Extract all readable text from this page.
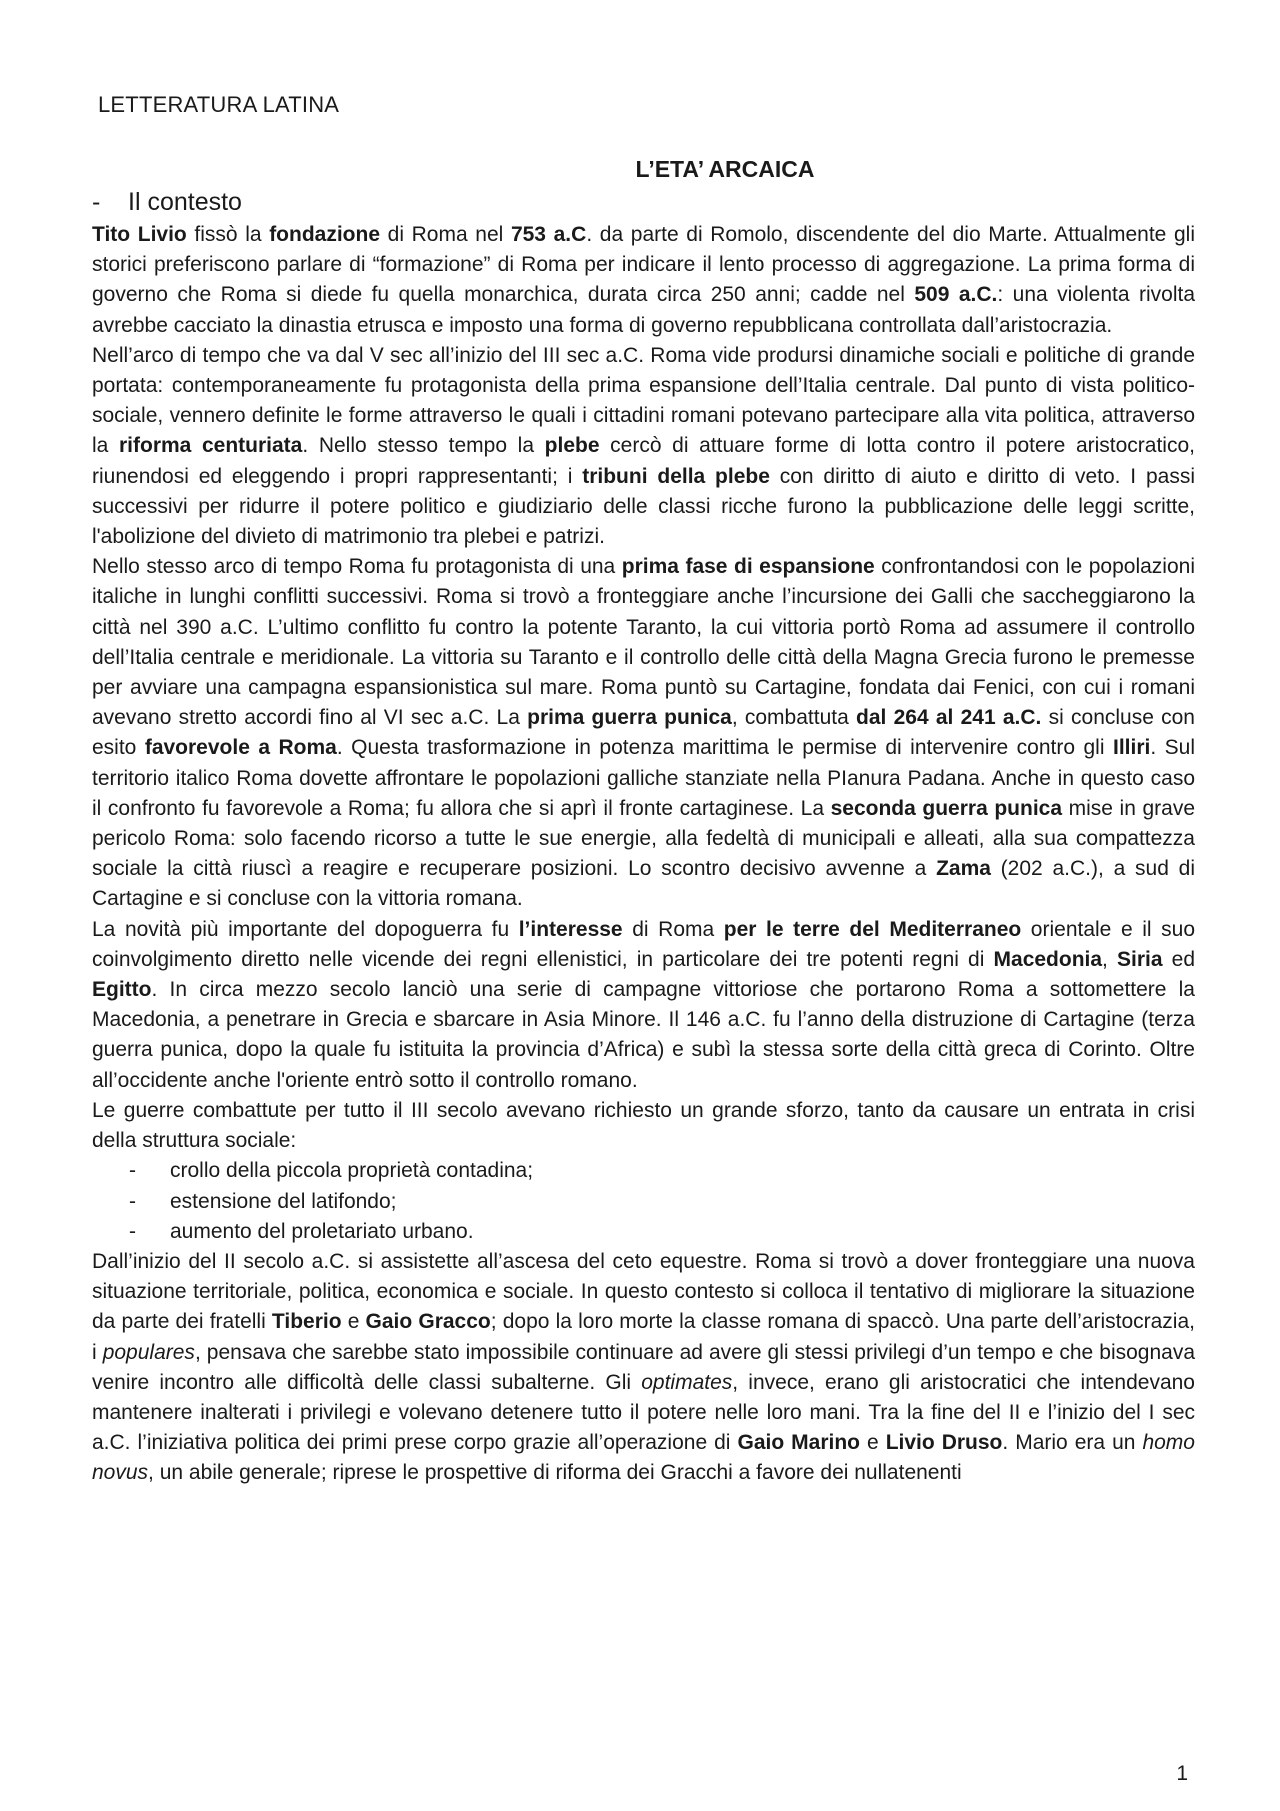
LETTERATURA LATINA
L’ETA’ ARCAICA
- Il contesto

Tito Livio fissò la fondazione di Roma nel 753 a.C. da parte di Romolo, discendente del dio Marte. Attualmente gli storici preferiscono parlare di “formazione” di Roma per indicare il lento processo di aggregazione. La prima forma di governo che Roma si diede fu quella monarchica, durata circa 250 anni; cadde nel 509 a.C.: una violenta rivolta avrebbe cacciato la dinastia etrusca e imposto una forma di governo repubblicana controllata dall’aristocrazia.

Nell’arco di tempo che va dal V sec all’inizio del III sec a.C. Roma vide prodursi dinamiche sociali e politiche di grande portata: contemporaneamente fu protagonista della prima espansione dell’Italia centrale. Dal punto di vista politico-sociale, vennero definite le forme attraverso le quali i cittadini romani potevano partecipare alla vita politica, attraverso la riforma centuriata. Nello stesso tempo la plebe cercò di attuare forme di lotta contro il potere aristocratico, riunendosi ed eleggendo i propri rappresentanti; i tribuni della plebe con diritto di aiuto e diritto di veto. I passi successivi per ridurre il potere politico e giudiziario delle classi ricche furono la pubblicazione delle leggi scritte, l'abolizione del divieto di matrimonio tra plebei e patrizi.

Nello stesso arco di tempo Roma fu protagonista di una prima fase di espansione confrontandosi con le popolazioni italiche in lunghi conflitti successivi. Roma si trovò a fronteggiare anche l’incursione dei Galli che saccheggiarono la città nel 390 a.C. L’ultimo conflitto fu contro la potente Taranto, la cui vittoria portò Roma ad assumere il controllo dell’Italia centrale e meridionale. La vittoria su Taranto e il controllo delle città della Magna Grecia furono le premesse per avviare una campagna espansionistica sul mare. Roma puntò su Cartagine, fondata dai Fenici, con cui i romani avevano stretto accordi fino al VI sec a.C. La prima guerra punica, combattuta dal 264 al 241 a.C. si concluse con esito favorevole a Roma. Questa trasformazione in potenza marittima le permise di intervenire contro gli Illiri. Sul territorio italico Roma dovette affrontare le popolazioni galliche stanziate nella PIanura Padana. Anche in questo caso il confronto fu favorevole a Roma; fu allora che si aprì il fronte cartaginese. La seconda guerra punica mise in grave pericolo Roma: solo facendo ricorso a tutte le sue energie, alla fedeltà di municipali e alleati, alla sua compattezza sociale la città riuscì a reagire e recuperare posizioni. Lo scontro decisivo avvenne a Zama (202 a.C.), a sud di Cartagine e si concluse con la vittoria romana.

La novità più importante del dopoguerra fu l’interesse di Roma per le terre del Mediterraneo orientale e il suo coinvolgimento diretto nelle vicende dei regni ellenistici, in particolare dei tre potenti regni di Macedonia, Siria ed Egitto. In circa mezzo secolo lanciò una serie di campagne vittoriose che portarono Roma a sottomettere la Macedonia, a penetrare in Grecia e sbarcare in Asia Minore. Il 146 a.C. fu l’anno della distruzione di Cartagine (terza guerra punica, dopo la quale fu istituita la provincia d’Africa) e subì la stessa sorte della città greca di Corinto. Oltre all’occidente anche l'oriente entrò sotto il controllo romano.

Le guerre combattute per tutto il III secolo avevano richiesto un grande sforzo, tanto da causare un entrata in crisi della struttura sociale:

- crollo della piccola proprietà contadina;
- estensione del latifondo;
- aumento del proletariato urbano.

Dall’inizio del II secolo a.C. si assistette all’ascesa del ceto equestre. Roma si trovò a dover fronteggiare una nuova situazione territoriale, politica, economica e sociale. In questo contesto si colloca il tentativo di migliorare la situazione da parte dei fratelli Tiberio e Gaio Gracco; dopo la loro morte la classe romana di spaccò. Una parte dell’aristocrazia, i populares, pensava che sarebbe stato impossibile continuare ad avere gli stessi privilegi d’un tempo e che bisognava venire incontro alle difficoltà delle classi subalterne. Gli optimates, invece, erano gli aristocratici che intendevano mantenere inalterati i privilegi e volevano detenere tutto il potere nelle loro mani. Tra la fine del II e l’inizio del I sec a.C. l’iniziativa politica dei primi prese corpo grazie all’operazione di Gaio Marino e Livio Druso. Mario era un homo novus, un abile generale; riprese le prospettive di riforma dei Gracchi a favore dei nullatenenti

1
